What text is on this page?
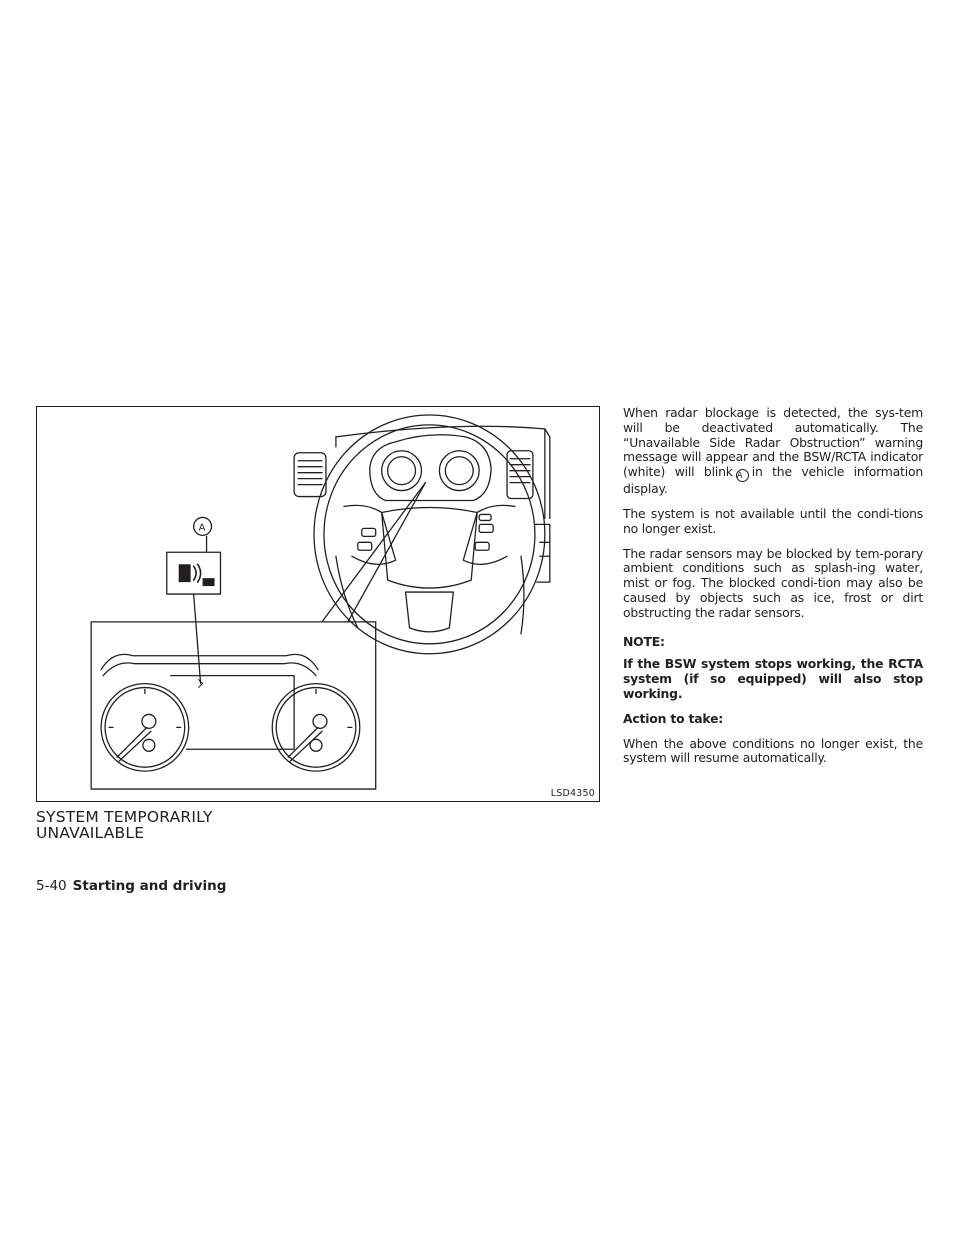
A
LSD4350
SYSTEM TEMPORARILY
UNAVAILABLE

When radar blockage is detected, the sys-tem will be deactivated automatically. The “Unavailable Side Radar Obstruction” warning message will appear and the BSW/RCTA indicator (white) will blink A in the vehicle information display.

The system is not available until the condi-tions no longer exist.

The radar sensors may be blocked by tem-porary ambient conditions such as splash-ing water, mist or fog. The blocked condi-tion may also be caused by objects such as ice, frost or dirt obstructing the radar sensors.

NOTE:

If the BSW system stops working, the RCTA system (if so equipped) will also stop working.

Action to take:

When the above conditions no longer exist, the system will resume automatically.

5-40 Starting and driving
